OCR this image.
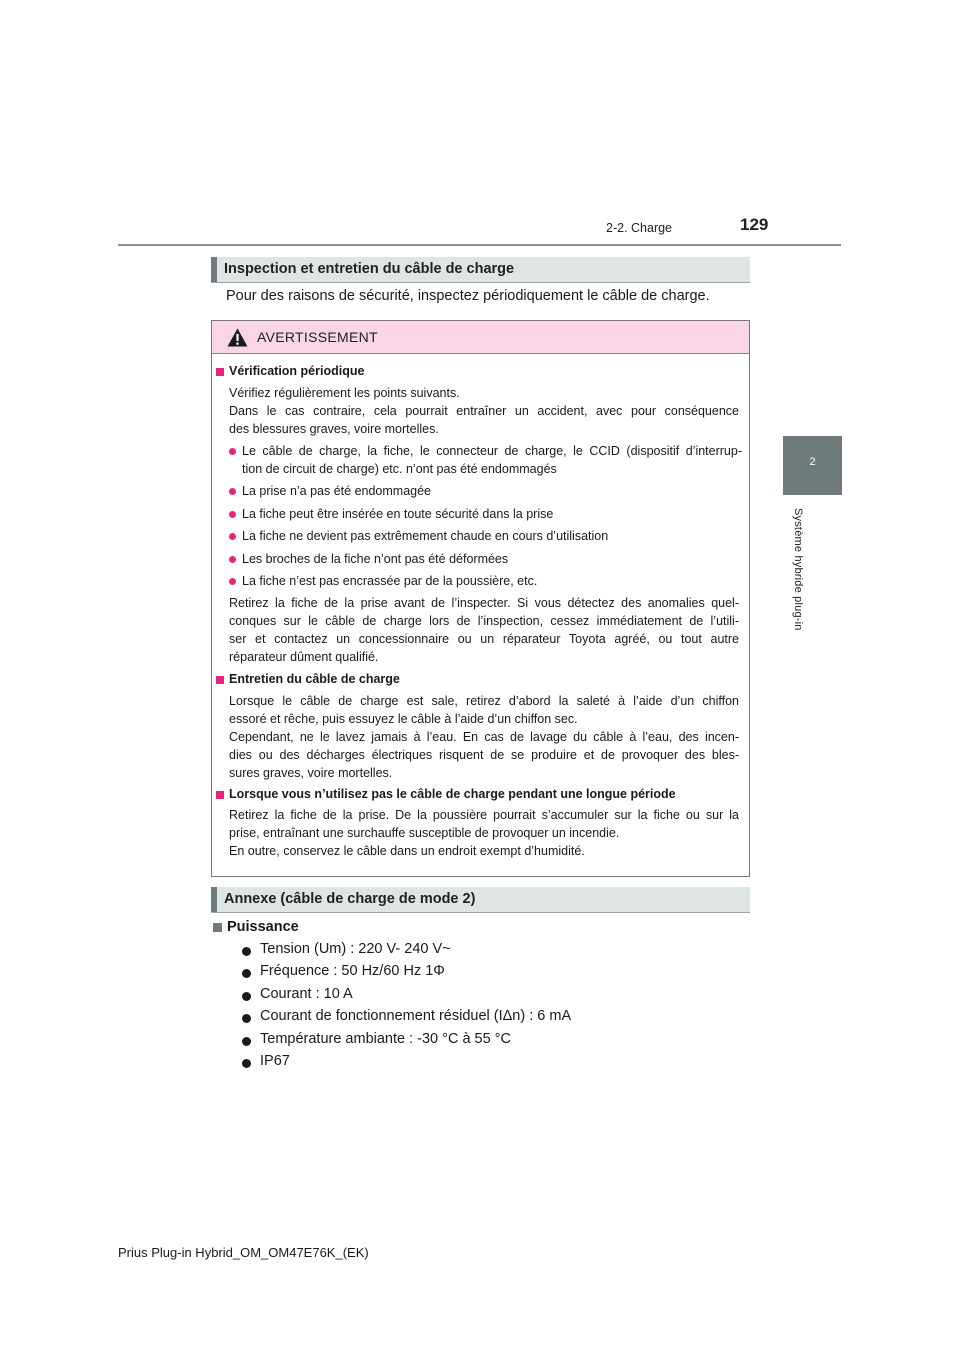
2-2. Charge	129
2
Système hybride plug-in
Inspection et entretien du câble de charge
Pour des raisons de sécurité, inspectez périodiquement le câble de charge.
AVERTISSEMENT
Vérification périodique
Vérifiez régulièrement les points suivants.
Dans le cas contraire, cela pourrait entraîner un accident, avec pour conséquence
des blessures graves, voire mortelles.
Le câble de charge, la fiche, le connecteur de charge, le CCID (dispositif d’interrup-
tion de circuit de charge) etc. n’ont pas été endommagés
La prise n’a pas été endommagée
La fiche peut être insérée en toute sécurité dans la prise
La fiche ne devient pas extrêmement chaude en cours d’utilisation
Les broches de la fiche n’ont pas été déformées
La fiche n’est pas encrassée par de la poussière, etc.
Retirez la fiche de la prise avant de l’inspecter. Si vous détectez des anomalies quel-
conques sur le câble de charge lors de l’inspection, cessez immédiatement de l’utili-
ser et contactez un concessionnaire ou un réparateur Toyota agréé, ou tout autre
réparateur dûment qualifié.
Entretien du câble de charge
Lorsque le câble de charge est sale, retirez d’abord la saleté à l’aide d’un chiffon
essoré et rêche, puis essuyez le câble à l’aide d’un chiffon sec.
Cependant, ne le lavez jamais à l’eau. En cas de lavage du câble à l’eau, des incen-
dies ou des décharges électriques risquent de se produire et de provoquer des bles-
sures graves, voire mortelles.
Lorsque vous n’utilisez pas le câble de charge pendant une longue période
Retirez la fiche de la prise. De la poussière pourrait s’accumuler sur la fiche ou sur la
prise, entraînant une surchauffe susceptible de provoquer un incendie.
En outre, conservez le câble dans un endroit exempt d’humidité.
Annexe (câble de charge de mode 2)
Puissance
Tension (Um) : 220 V- 240 V~
Fréquence : 50 Hz/60 Hz 1Φ
Courant : 10 A
Courant de fonctionnement résiduel (IΔn) : 6 mA
Température ambiante : -30 °C à 55 °C
IP67
Prius Plug-in Hybrid_OM_OM47E76K_(EK)
